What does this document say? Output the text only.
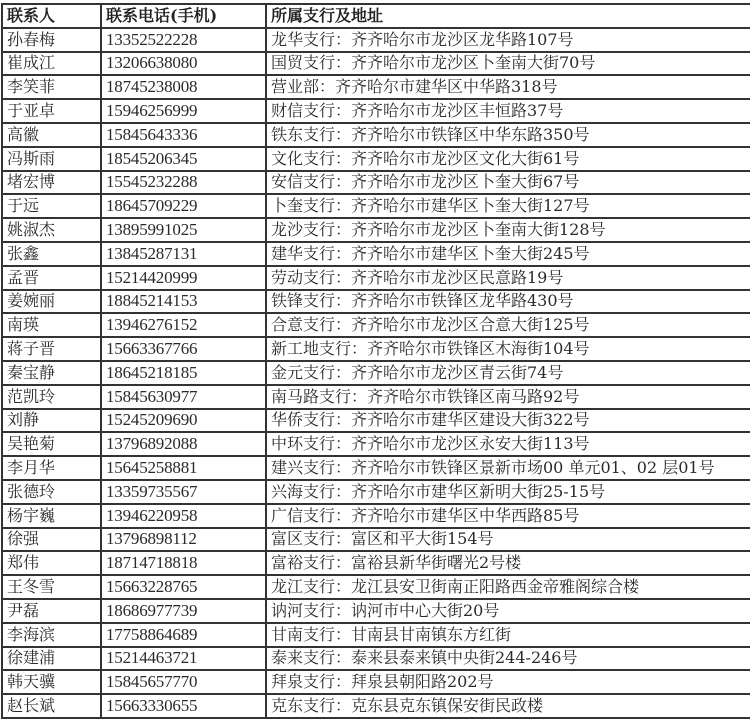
联系人	联系电话(手机)	所属支行及地址
孙春梅	13352522228	龙华支行：齐齐哈尔市龙沙区龙华路107号
崔成江	13206638080	国贸支行：齐齐哈尔市龙沙区卜奎南大街70号
李笑菲	18745238008	营业部：齐齐哈尔市建华区中华路318号
于亚卓	15946256999	财信支行：齐齐哈尔市龙沙区丰恒路37号
高徽	15845643336	铁东支行：齐齐哈尔市铁锋区中华东路350号
冯斯雨	18545206345	文化支行：齐齐哈尔市龙沙区文化大街61号
堵宏博	15545232288	安信支行：齐齐哈尔市龙沙区卜奎大街67号
于远	18645709229	卜奎支行：齐齐哈尔市建华区卜奎大街127号
姚淑杰	13895991025	龙沙支行：齐齐哈尔市龙沙区卜奎南大街128号
张鑫	13845287131	建华支行：齐齐哈尔市建华区卜奎大街245号
孟晋	15214420999	劳动支行：齐齐哈尔市龙沙区民意路19号
姜婉丽	18845214153	铁锋支行：齐齐哈尔市铁锋区龙华路430号
南瑛	13946276152	合意支行：齐齐哈尔市龙沙区合意大街125号
蒋子晋	15663367766	新工地支行：齐齐哈尔市铁锋区木海街104号
秦宝静	18645218185	金元支行：齐齐哈尔市龙沙区青云街74号
范凯玲	15845630977	南马路支行：齐齐哈尔市铁锋区南马路92号
刘静	15245209690	华侨支行：齐齐哈尔市建华区建设大街322号
吴艳菊	13796892088	中环支行：齐齐哈尔市龙沙区永安大街113号
李月华	15645258881	建兴支行：齐齐哈尔市铁锋区景新市场00 单元01、02 层01号
张德玲	13359735567	兴海支行：齐齐哈尔市建华区新明大街25-15号
杨宇巍	13946220958	广信支行：齐齐哈尔市建华区中华西路85号
徐强	13796898112	富区支行：富区和平大街154号
郑伟	18714718818	富裕支行：富裕县新华街曙光2号楼
王冬雪	15663228765	龙江支行：龙江县安卫街南正阳路西金帝雅阁综合楼
尹磊	18686977739	讷河支行：讷河市中心大街20号
李海滨	17758864689	甘南支行：甘南县甘南镇东方红街
徐建浦	15214463721	泰来支行：泰来县泰来镇中央街244-246号
韩天骥	15845657770	拜泉支行：拜泉县朝阳路202号
赵长斌	15663330655	克东支行：克东县克东镇保安街民政楼
